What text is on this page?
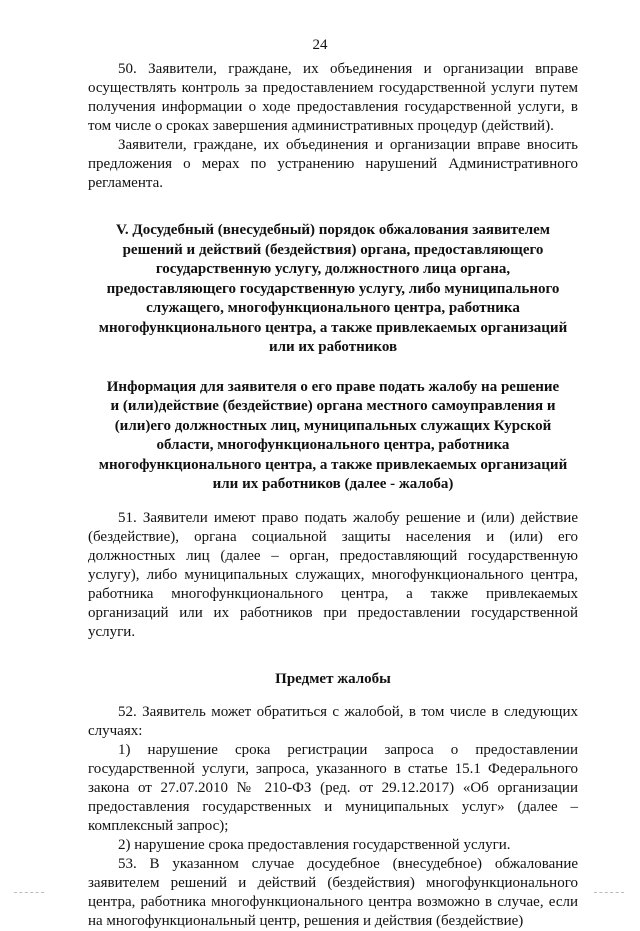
24

50. Заявители, граждане, их объединения и организации вправе осуществлять контроль за предоставлением государственной услуги путем получения информации о ходе предоставления государственной услуги, в том числе о сроках завершения административных процедур (действий).

Заявители, граждане, их объединения и организации вправе вносить предложения о мерах по устранению нарушений Административного регламента.

V. Досудебный (внесудебный) порядок обжалования заявителем
решений и действий (бездействия) органа, предоставляющего
государственную услугу, должностного лица органа,
предоставляющего государственную услугу, либо муниципального
служащего, многофункционального центра, работника
многофункционального центра, а также привлекаемых организаций
или их работников
Информация для заявителя о его праве подать жалобу на решение
и (или)действие (бездействие) органа местного самоуправления и
(или)его должностных лиц, муниципальных служащих Курской
области, многофункционального центра, работника
многофункционального центра, а также привлекаемых организаций
или их работников (далее - жалоба)

51. Заявители имеют право подать жалобу решение и (или) действие (бездействие), органа социальной защиты населения и (или) его должностных лиц (далее – орган, предоставляющий государственную услугу), либо муниципальных служащих, многофункционального центра, работника многофункционального центра, а также привлекаемых организаций или их работников при предоставлении государственной услуги.

Предмет жалобы

52. Заявитель может обратиться с жалобой, в том числе в следующих случаях:

1) нарушение срока регистрации запроса о предоставлении государственной услуги, запроса, указанного в статье 15.1 Федерального закона от 27.07.2010 № 210-ФЗ (ред. от 29.12.2017) «Об организации предоставления государственных и муниципальных услуг» (далее – комплексный запрос);

2) нарушение срока предоставления государственной услуги.

53. В указанном случае досудебное (внесудебное) обжалование заявителем решений и действий (бездействия) многофункционального центра, работника многофункционального центра возможно в случае, если на многофункциональный центр, решения и действия (бездействие)
